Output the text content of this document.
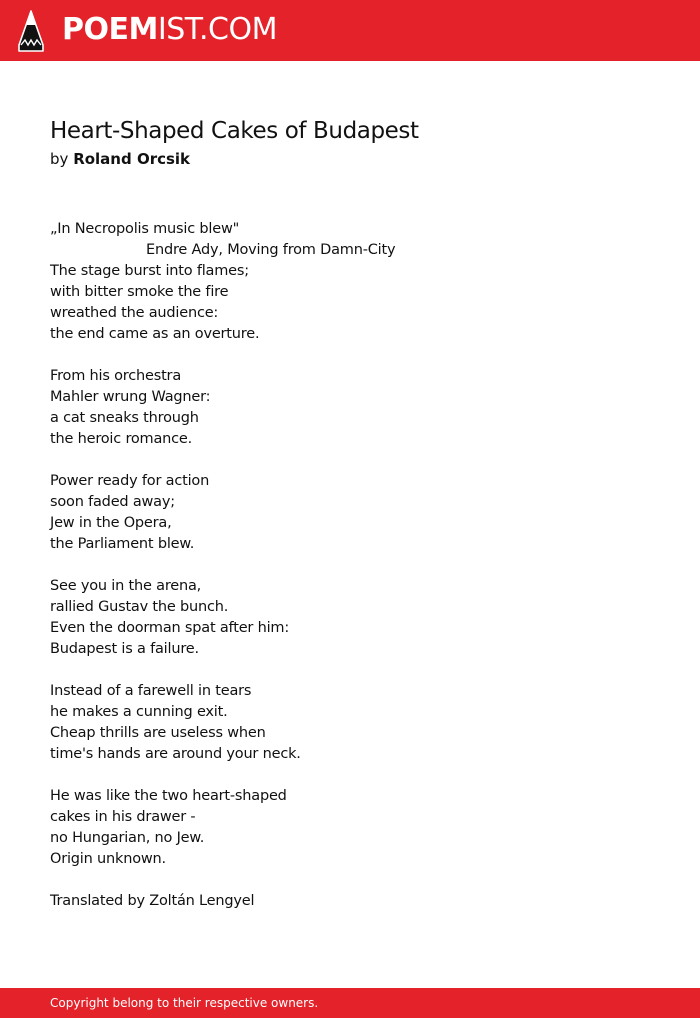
POEMIST.COM
Heart-Shaped Cakes of Budapest
by Roland Orcsik
„In Necropolis music blew"
Endre Ady, Moving from Damn-City
The stage burst into flames;
with bitter smoke the fire
wreathed the audience:
the end came as an overture.
From his orchestra
Mahler wrung Wagner:
a cat sneaks through
the heroic romance.
Power ready for action
soon faded away;
Jew in the Opera,
the Parliament blew.
See you in the arena,
rallied Gustav the bunch.
Even the doorman spat after him:
Budapest is a failure.
Instead of a farewell in tears
he makes a cunning exit.
Cheap thrills are useless when
time's hands are around your neck.
He was like the two heart-shaped
cakes in his drawer -
no Hungarian, no Jew.
Origin unknown.
Translated by Zoltán Lengyel
Copyright belong to their respective owners.
